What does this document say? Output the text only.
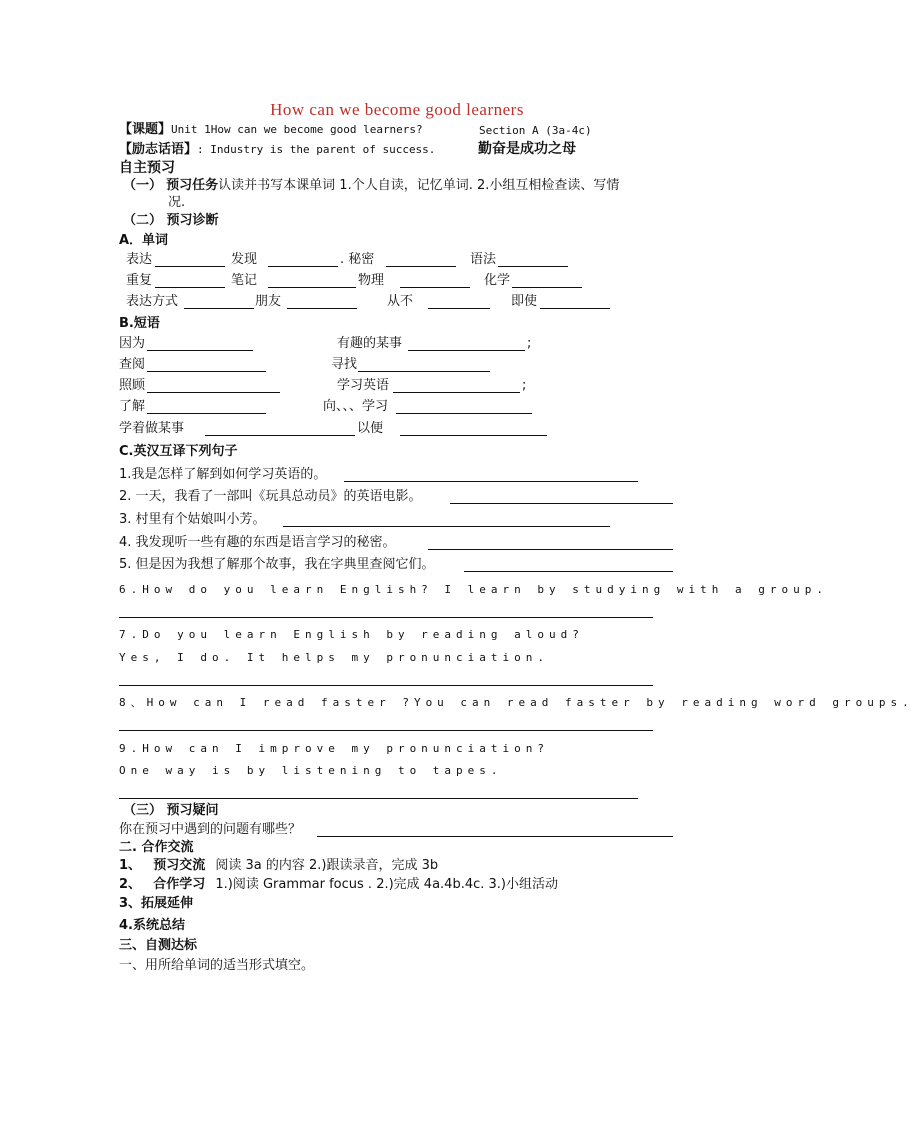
How can we become good learners
【课题】Unit 1How can we become good learners?	Section A (3a-4c)
【励志话语】: Industry is the parent of success.	勤奋是成功之母
自主预习
（一） 预习任务认读并书写本课单词 1.个人自读，记忆单词. 2.小组互相检查读、写情
况.
（二） 预习诊断
A．单词
表达	发现	. 秘密	语法
重复	笔记	物理	化学
表达方式	朋友	从不	即使
B.短语
因为	有趣的某事	;
查阅	寻找
照顾	学习英语	;
了解	向、、、学习
学着做某事	以便
C.英汉互译下列句子
1.我是怎样了解到如何学习英语的。
2. 一天，我看了一部叫《玩具总动员》的英语电影。
3. 村里有个姑娘叫小芳。
4. 我发现听一些有趣的东西是语言学习的秘密。
5. 但是因为我想了解那个故事，我在字典里查阅它们。
6.How do you learn English? I learn by studying with a group.
7.Do you learn English by reading aloud?
Yes, I do. It helps my pronunciation.
8、How can I read faster ?You can read faster by reading word groups.
9.How can I improve my pronunciation?
One way is by listening to tapes.
（三） 预习疑问
你在预习中遇到的问题有哪些？
二. 合作交流
1、 预习交流 阅读 3a 的内容 2.)跟读录音，完成 3b
2、 合作学习 1.)阅读 Grammar focus . 2.)完成 4a.4b.4c. 3.)小组活动
3、拓展延伸
4.系统总结
三、自测达标
一、用所给单词的适当形式填空。
